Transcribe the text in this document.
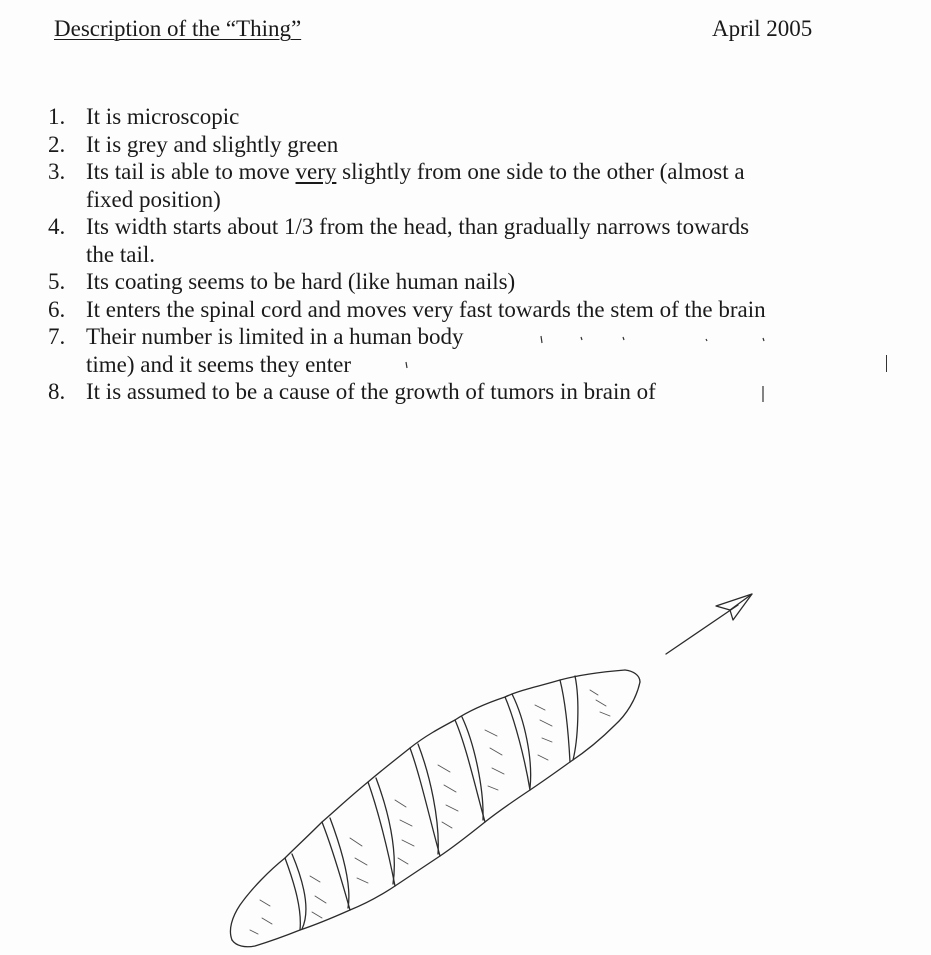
Description of the “Thing”	April 2005
1. It is microscopic
2. It is grey and slightly green
3. Its tail is able to move very slightly from one side to the other (almost a
fixed position)
4. Its width starts about 1/3 from the head, than gradually narrows towards
the tail.
5. Its coating seems to be hard (like human nails)
6. It enters the spinal cord and moves very fast towards the stem of the brain
7. Their number is limited in a human body
time) and it seems they enter
8. It is assumed to be a cause of the growth of tumors in brain of
